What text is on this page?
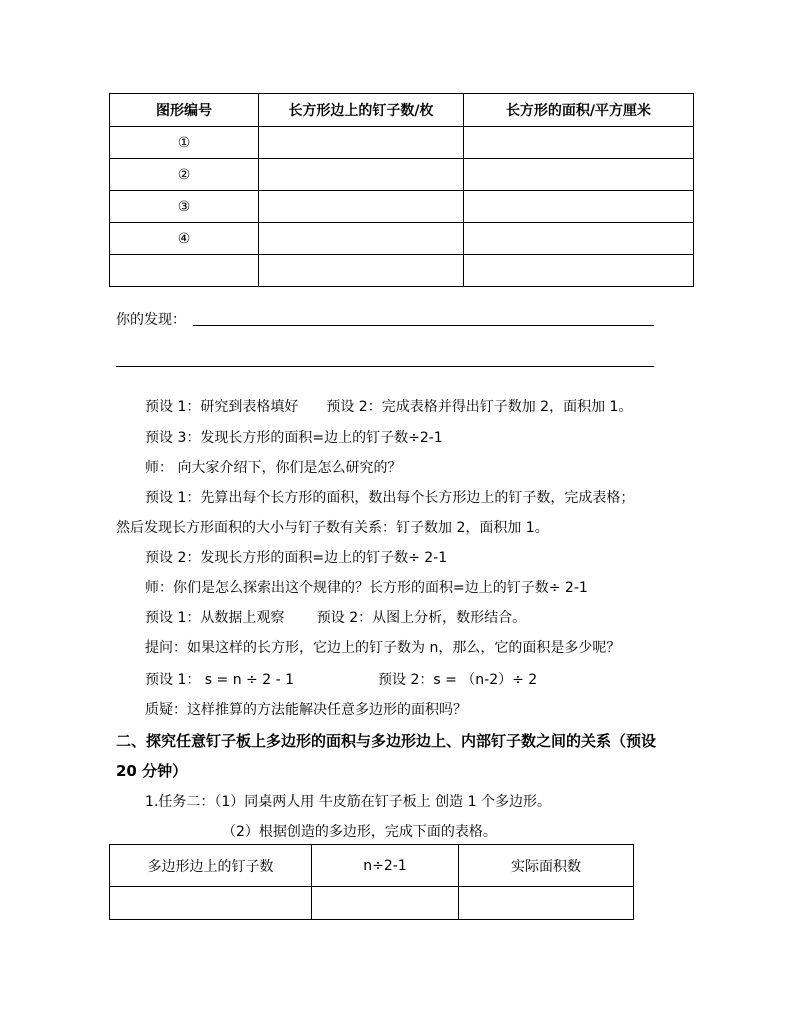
图形编号	长方形边上的钉子数/枚	长方形的面积/平方厘米
①		
②		
③		
④		

你的发现：
预设 1：研究到表格填好　　预设 2：完成表格并得出钉子数加 2，面积加 1。
预设 3：发现长方形的面积=边上的钉子数÷2-1
师： 向大家介绍下，你们是怎么研究的？
预设 1：先算出每个长方形的面积，数出每个长方形边上的钉子数，完成表格；
然后发现长方形面积的大小与钉子数有关系：钉子数加 2，面积加 1。
预设 2：发现长方形的面积=边上的钉子数÷ 2-1
师：你们是怎么探索出这个规律的？长方形的面积=边上的钉子数÷ 2-1
预设 1：从数据上观察　　 预设 2：从图上分析，数形结合。
提问：如果这样的长方形，它边上的钉子数为 n，那么，它的面积是多少呢？
预设 1： s = n ÷ 2 - 1　　　　　　预设 2：s = （n-2）÷ 2
质疑：这样推算的方法能解决任意多边形的面积吗？
二、探究任意钉子板上多边形的面积与多边形边上、内部钉子数之间的关系（预设
20 分钟）
1.任务二：（1）同桌两人用 牛皮筋在钉子板上 创造 1 个多边形。
（2）根据创造的多边形，完成下面的表格。
多边形边上的钉子数	n÷2-1	实际面积数
